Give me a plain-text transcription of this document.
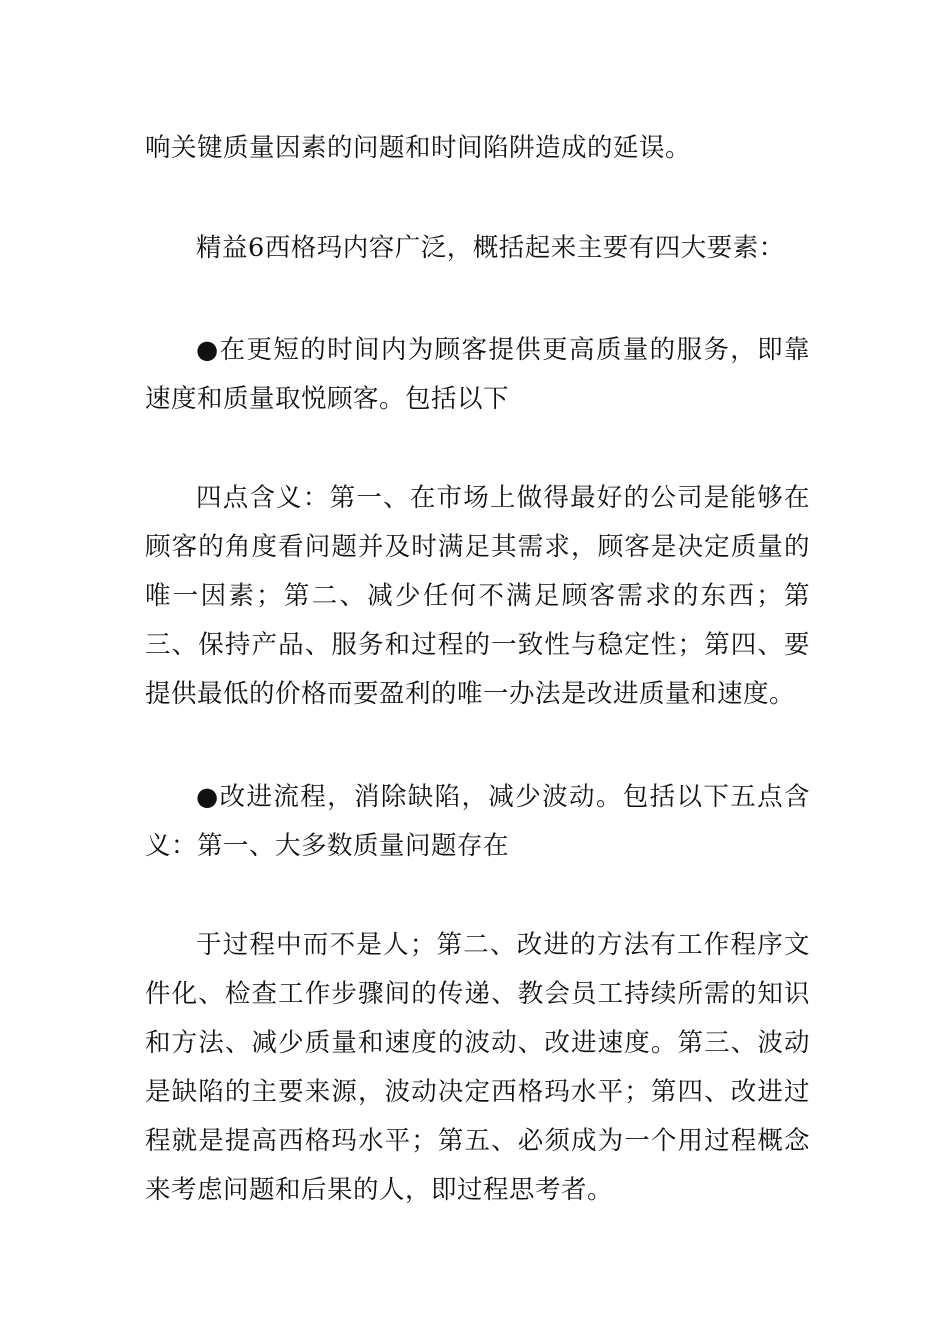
响关键质量因素的问题和时间陷阱造成的延误。

精益6西格玛内容广泛，概括起来主要有四大要素：

●在更短的时间内为顾客提供更高质量的服务，即靠速度和质量取悦顾客。包括以下

四点含义：第一、在市场上做得最好的公司是能够在顾客的角度看问题并及时满足其需求，顾客是决定质量的唯一因素；第二、减少任何不满足顾客需求的东西；第三、保持产品、服务和过程的一致性与稳定性；第四、要提供最低的价格而要盈利的唯一办法是改进质量和速度。

●改进流程，消除缺陷，减少波动。包括以下五点含义：第一、大多数质量问题存在

于过程中而不是人；第二、改进的方法有工作程序文件化、检查工作步骤间的传递、教会员工持续所需的知识和方法、减少质量和速度的波动、改进速度。第三、波动是缺陷的主要来源，波动决定西格玛水平；第四、改进过程就是提高西格玛水平；第五、必须成为一个用过程概念来考虑问题和后果的人，即过程思考者。
